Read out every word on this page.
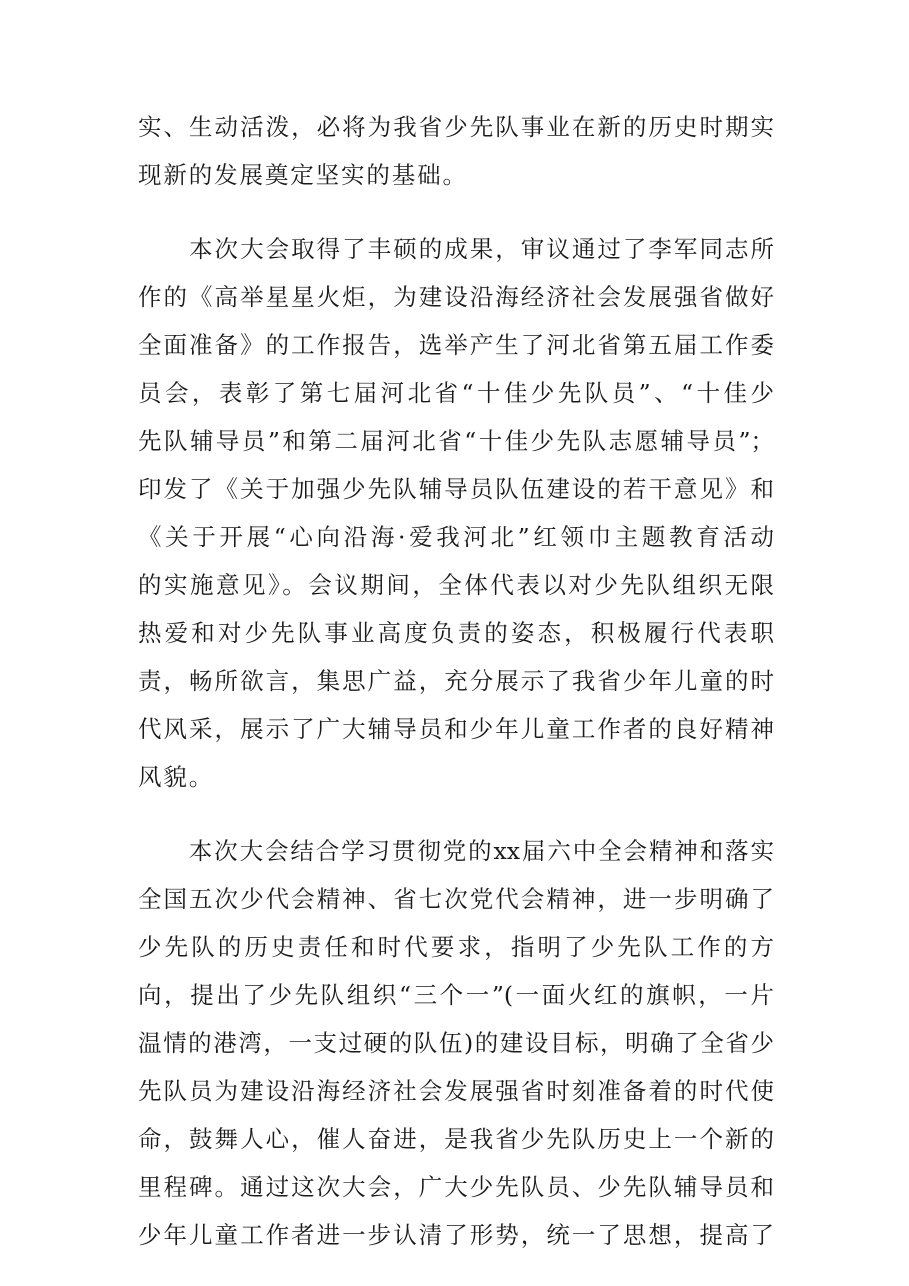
实、生动活泼，必将为我省少先队事业在新的历史时期实
现新的发展奠定坚实的基础。
　　本次大会取得了丰硕的成果，审议通过了李军同志所
作的《高举星星火炬，为建设沿海经济社会发展强省做好
全面准备》的工作报告，选举产生了河北省第五届工作委
员会，表彰了第七届河北省“十佳少先队员”、“十佳少
先队辅导员”和第二届河北省“十佳少先队志愿辅导员”；
印发了《关于加强少先队辅导员队伍建设的若干意见》和
《关于开展“心向沿海·爱我河北”红领巾主题教育活动
的实施意见》。会议期间，全体代表以对少先队组织无限
热爱和对少先队事业高度负责的姿态，积极履行代表职
责，畅所欲言，集思广益，充分展示了我省少年儿童的时
代风采，展示了广大辅导员和少年儿童工作者的良好精神
风貌。
　　本次大会结合学习贯彻党的xx届六中全会精神和落实
全国五次少代会精神、省七次党代会精神，进一步明确了
少先队的历史责任和时代要求，指明了少先队工作的方
向，提出了少先队组织“三个一”(一面火红的旗帜，一片
温情的港湾，一支过硬的队伍)的建设目标，明确了全省少
先队员为建设沿海经济社会发展强省时刻准备着的时代使
命，鼓舞人心，催人奋进，是我省少先队历史上一个新的
里程碑。通过这次大会，广大少先队员、少先队辅导员和
少年儿童工作者进一步认清了形势，统一了思想，提高了
